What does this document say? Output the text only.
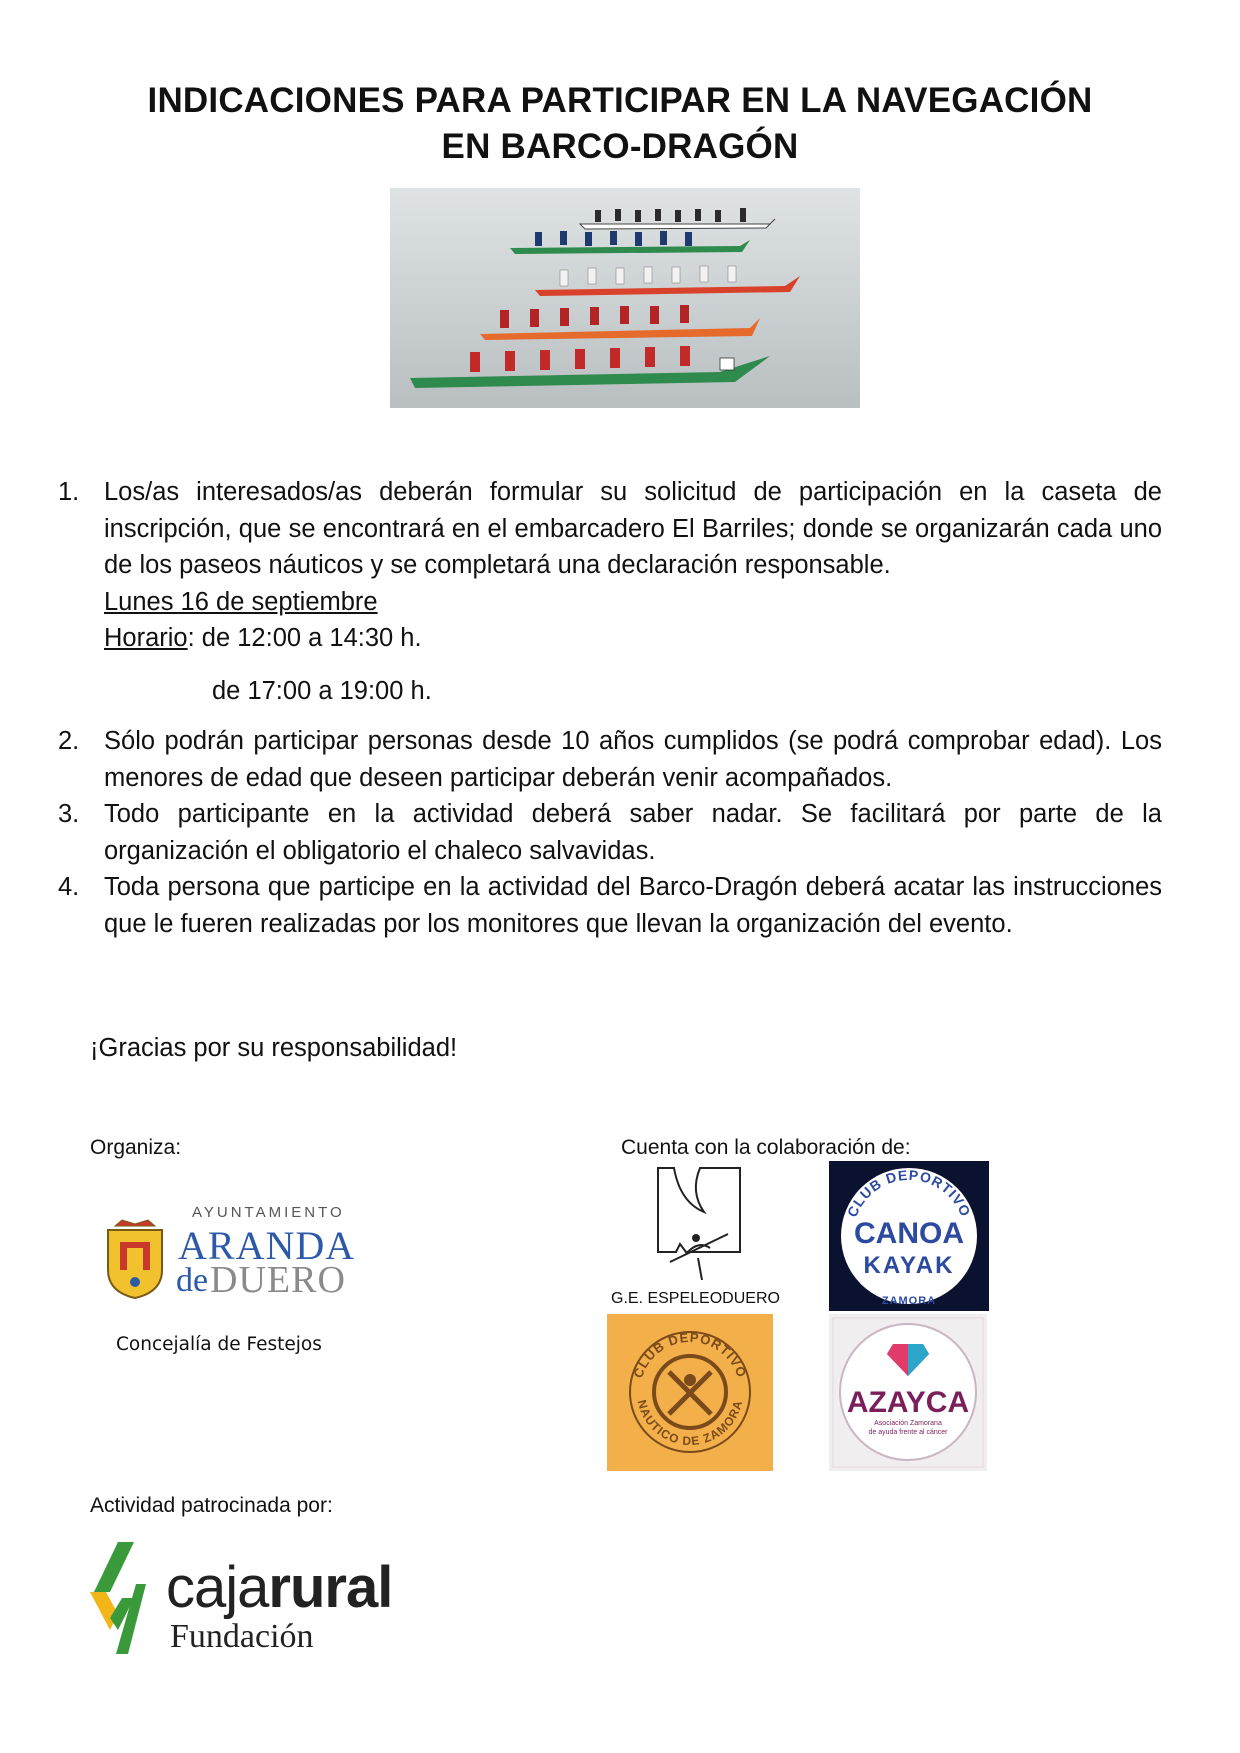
INDICACIONES PARA PARTICIPAR EN LA NAVEGACIÓN
EN BARCO-DRAGÓN
1. Los/as interesados/as deberán formular su solicitud de participación en la caseta de inscripción, que se encontrará en el embarcadero El Barriles; donde se organizarán cada uno de los paseos náuticos y se completará una declaración responsable.
Lunes 16 de septiembre
Horario: de 12:00 a 14:30 h.
de 17:00 a 19:00 h.
2. Sólo podrán participar personas desde 10 años cumplidos (se podrá comprobar edad). Los menores de edad que deseen participar deberán venir acompañados.
3. Todo participante en la actividad deberá saber nadar. Se facilitará por parte de la organización el obligatorio el chaleco salvavidas.
4. Toda persona que participe en la actividad del Barco-Dragón deberá acatar las instrucciones que le fueren realizadas por los monitores que llevan la organización del evento.
¡Gracias por su responsabilidad!
Organiza:
AYUNTAMIENTO
ARANDA
de DUERO
Concejalía de Festejos
Cuenta con la colaboración de:
G.E. ESPELEODUERO
CLUB DEPORTIVO
CANOA
KAYAK
ZAMORA
CLUB DEPORTIVO
NAUTICO DE ZAMORA	AZAYCA
Asociación Zamorana
de ayuda frente al cáncer
Actividad patrocinada por:
cajarural
Fundación
